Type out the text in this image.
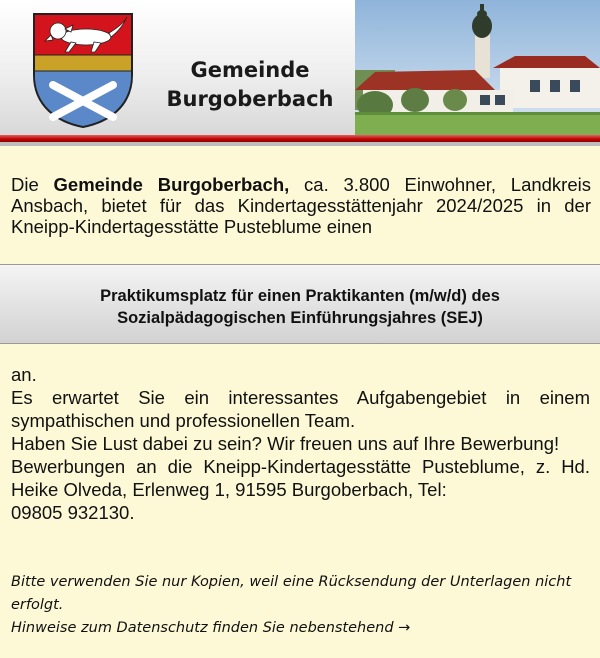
Gemeinde
Burgoberbach
Die Gemeinde Burgoberbach, ca. 3.800 Einwohner, Landkreis Ansbach, bietet für das Kindertagesstättenjahr 2024/2025 in der Kneipp-Kindertagesstätte Pusteblume einen
Praktikumsplatz für einen Praktikanten (m/w/d) des
Sozialpädagogischen Einführungsjahres (SEJ)

an.

Es erwartet Sie ein interessantes Aufgabengebiet in einem sympathischen und professionellen Team.

Haben Sie Lust dabei zu sein? Wir freuen uns auf Ihre Bewerbung!

Bewerbungen an die Kneipp-Kindertagesstätte Pusteblume, z. Hd. Heike Olveda, Erlenweg 1, 91595 Burgoberbach, Tel:

09805 932130.

Bitte verwenden Sie nur Kopien, weil eine Rücksendung der Unterlagen nicht erfolgt.

Hinweise zum Datenschutz finden Sie nebenstehend →
